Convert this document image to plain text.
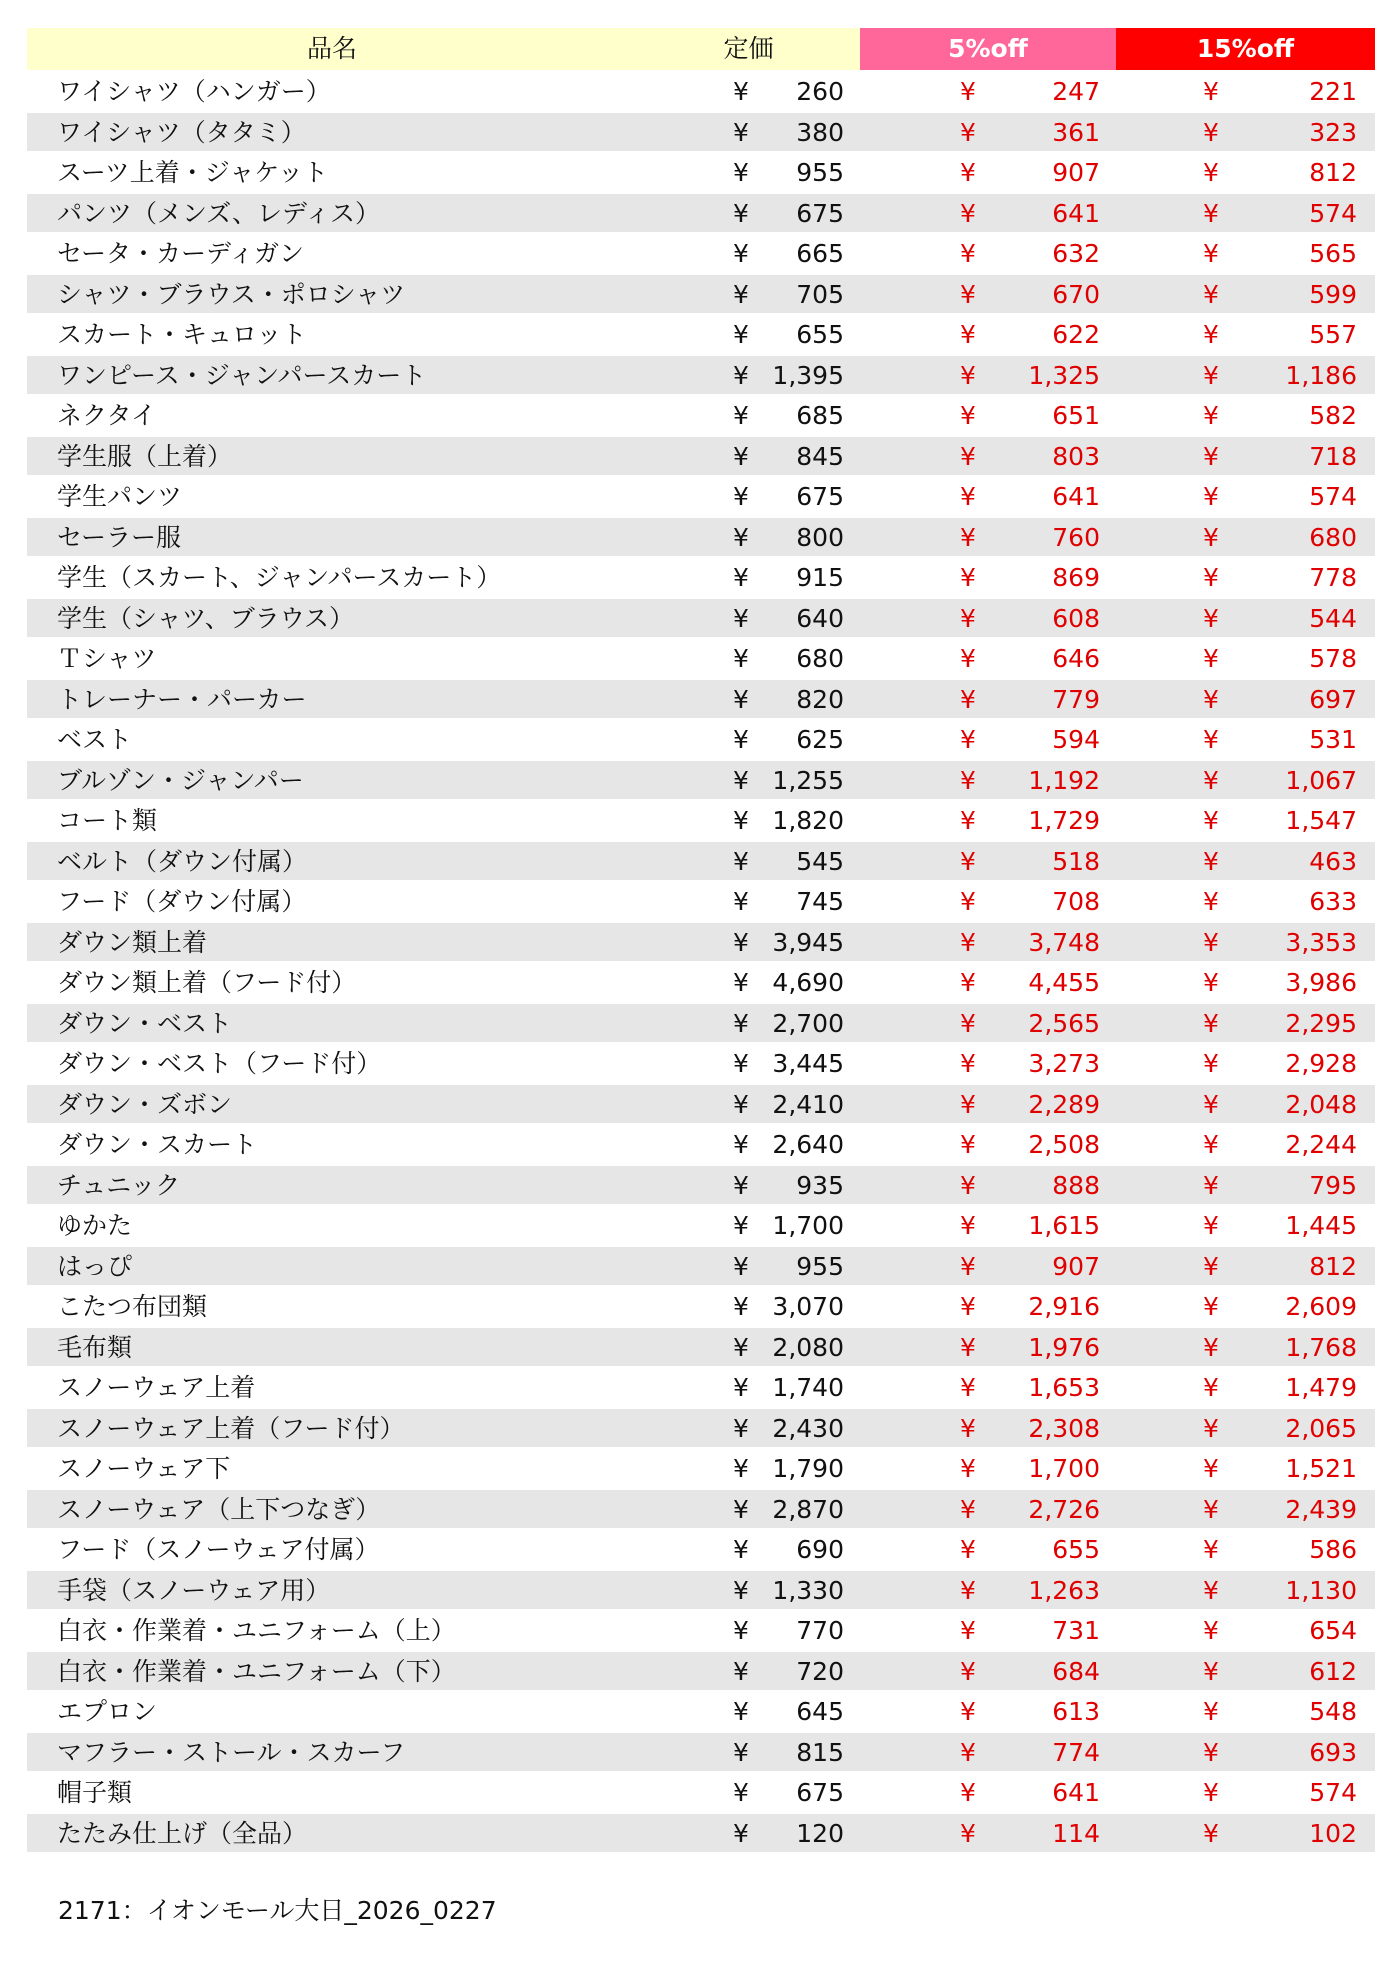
品名	定価	5%off	15%off
ワイシャツ（ハンガー）	¥ 260	¥	247	¥	221
ワイシャツ（タタミ）	¥ 380	¥	361	¥	323
スーツ上着・ジャケット	¥ 955	¥	907	¥	812
パンツ（メンズ、レディス）	¥ 675	¥	641	¥	574
セータ・カーディガン	¥ 665	¥	632	¥	565
シャツ・ブラウス・ポロシャツ	¥ 705	¥	670	¥	599
スカート・キュロット	¥ 655	¥	622	¥	557
ワンピース・ジャンパースカート	¥ 1,395	¥ 1,325	¥	1,186
ネクタイ	¥ 685	¥	651	¥	582
学生服（上着）	¥ 845	¥	803	¥	718
学生パンツ	¥ 675	¥	641	¥	574
セーラー服	¥ 800	¥	760	¥	680
学生（スカート、ジャンパースカート）	¥ 915	¥	869	¥	778
学生（シャツ、ブラウス）	¥ 640	¥	608	¥	544
Ｔシャツ	¥ 680	¥	646	¥	578
トレーナー・パーカー	¥ 820	¥	779	¥	697
ベスト	¥ 625	¥	594	¥	531
ブルゾン・ジャンパー	¥ 1,255	¥ 1,192	¥	1,067
コート類	¥ 1,820	¥ 1,729	¥	1,547
ベルト（ダウン付属）	¥ 545	¥	518	¥	463
フード（ダウン付属）	¥ 745	¥	708	¥	633
ダウン類上着	¥ 3,945	¥ 3,748	¥	3,353
ダウン類上着（フード付）	¥ 4,690	¥ 4,455	¥	3,986
ダウン・ベスト	¥ 2,700	¥ 2,565	¥	2,295
ダウン・ベスト（フード付）	¥ 3,445	¥ 3,273	¥	2,928
ダウン・ズボン	¥ 2,410	¥ 2,289	¥	2,048
ダウン・スカート	¥ 2,640	¥ 2,508	¥	2,244
チュニック	¥ 935	¥	888	¥	795
ゆかた	¥ 1,700	¥ 1,615	¥	1,445
はっぴ	¥ 955	¥	907	¥	812
こたつ布団類	¥ 3,070	¥ 2,916	¥	2,609
毛布類	¥ 2,080	¥ 1,976	¥	1,768
スノーウェア上着	¥ 1,740	¥ 1,653	¥	1,479
スノーウェア上着（フード付）	¥ 2,430	¥ 2,308	¥	2,065
スノーウェア下	¥ 1,790	¥ 1,700	¥	1,521
スノーウェア（上下つなぎ）	¥ 2,870	¥ 2,726	¥	2,439
フード（スノーウェア付属）	¥ 690	¥	655	¥	586
手袋（スノーウェア用）	¥ 1,330	¥ 1,263	¥	1,130
白衣・作業着・ユニフォーム（上）	¥ 770	¥	731	¥	654
白衣・作業着・ユニフォーム（下）	¥ 720	¥	684	¥	612
エプロン	¥ 645	¥	613	¥	548
マフラー・ストール・スカーフ	¥ 815	¥	774	¥	693
帽子類	¥ 675	¥	641	¥	574
たたみ仕上げ（全品）	¥ 120	¥	114	¥	102
2171：イオンモール大日_2026_0227
